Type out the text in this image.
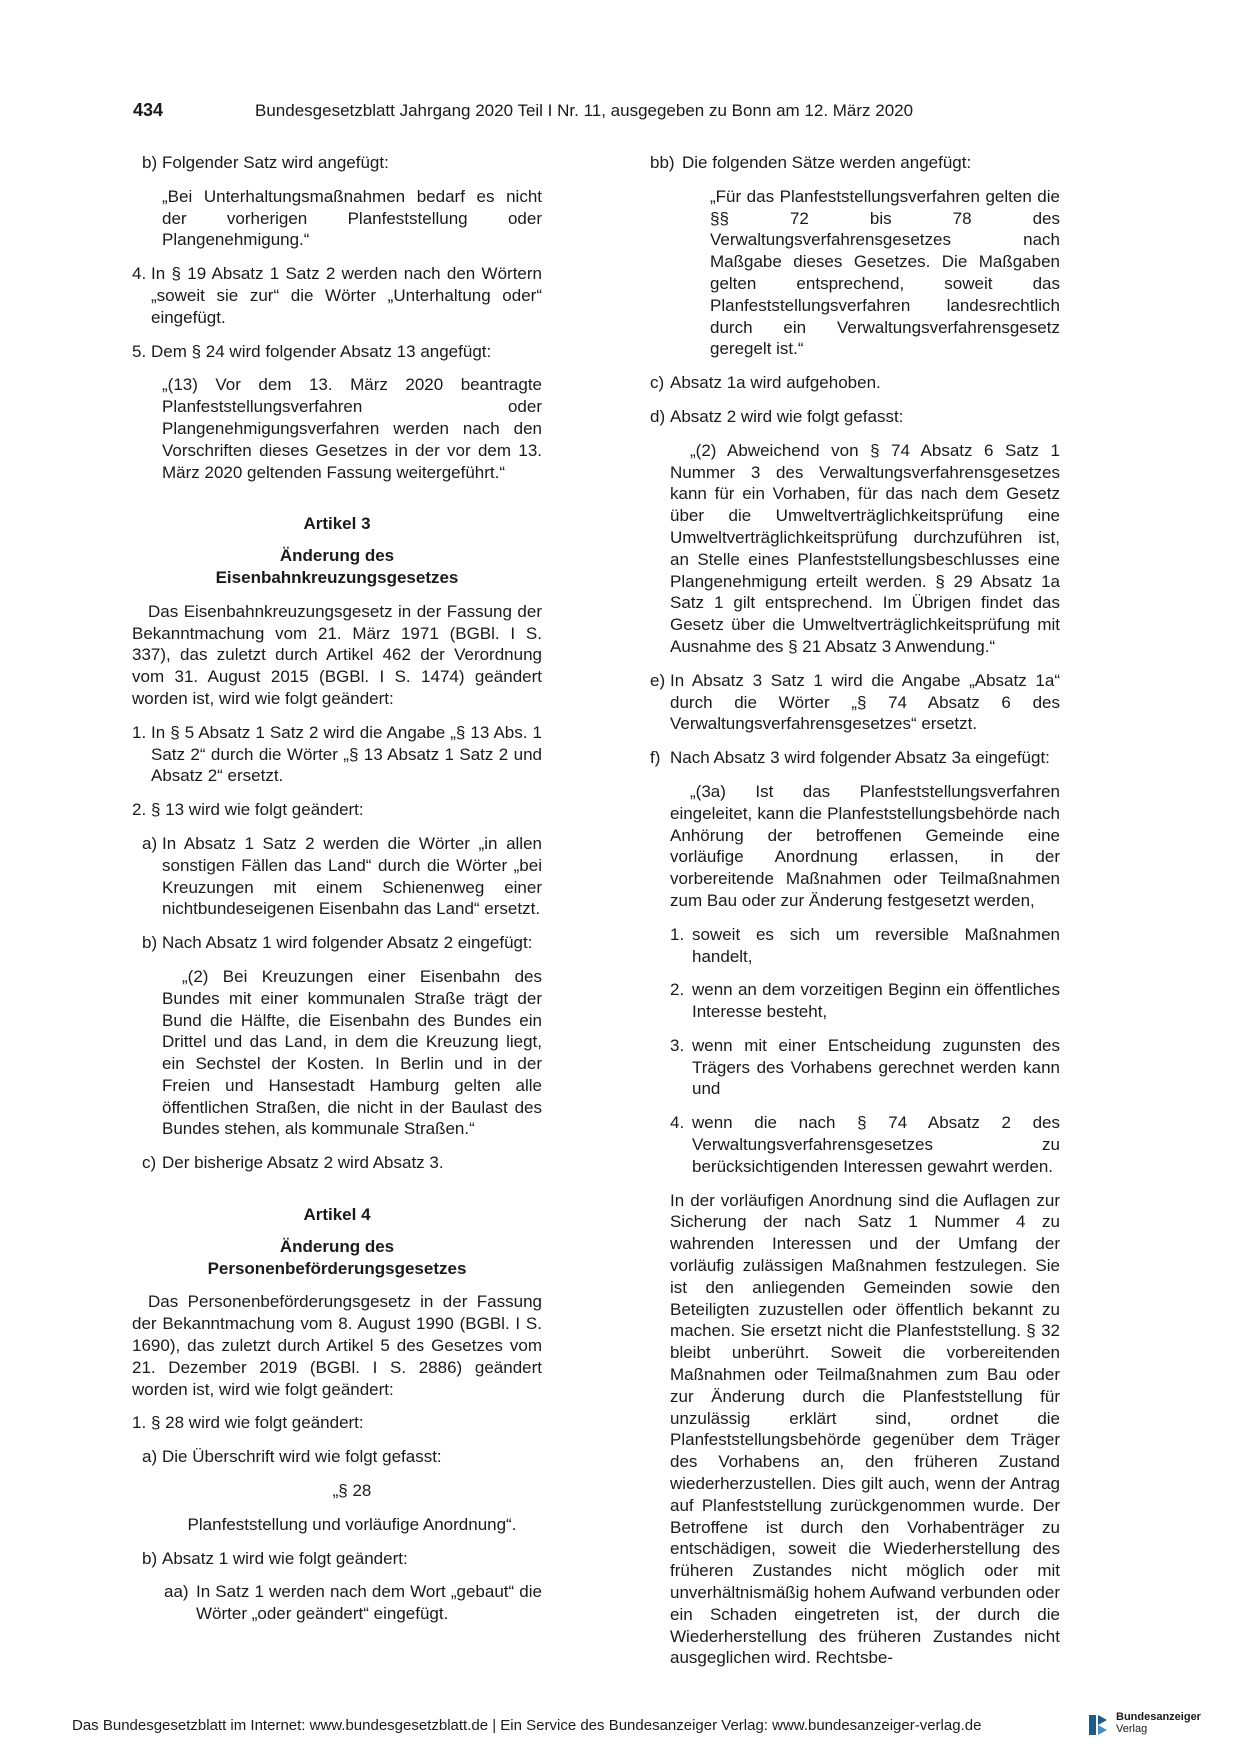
434	Bundesgesetzblatt Jahrgang 2020 Teil I Nr. 11, ausgegeben zu Bonn am 12. März 2020
b) Folgender Satz wird angefügt:
„Bei Unterhaltungsmaßnahmen bedarf es nicht der vorherigen Planfeststellung oder Plangenehmigung.“
4. In § 19 Absatz 1 Satz 2 werden nach den Wörtern „soweit sie zur“ die Wörter „Unterhaltung oder“ eingefügt.
5. Dem § 24 wird folgender Absatz 13 angefügt:
„(13) Vor dem 13. März 2020 beantragte Planfeststellungsverfahren oder Plangenehmigungsverfahren werden nach den Vorschriften dieses Gesetzes in der vor dem 13. März 2020 geltenden Fassung weitergeführt.“
Artikel 3
Änderung des
Eisenbahnkreuzungsgesetzes
Das Eisenbahnkreuzungsgesetz in der Fassung der Bekanntmachung vom 21. März 1971 (BGBl. I S. 337), das zuletzt durch Artikel 462 der Verordnung vom 31. August 2015 (BGBl. I S. 1474) geändert worden ist, wird wie folgt geändert:
1. In § 5 Absatz 1 Satz 2 wird die Angabe „§ 13 Abs. 1 Satz 2“ durch die Wörter „§ 13 Absatz 1 Satz 2 und Absatz 2“ ersetzt.
2. § 13 wird wie folgt geändert:
a) In Absatz 1 Satz 2 werden die Wörter „in allen sonstigen Fällen das Land“ durch die Wörter „bei Kreuzungen mit einem Schienenweg einer nichtbundeseigenen Eisenbahn das Land“ ersetzt.
b) Nach Absatz 1 wird folgender Absatz 2 eingefügt:
„(2) Bei Kreuzungen einer Eisenbahn des Bundes mit einer kommunalen Straße trägt der Bund die Hälfte, die Eisenbahn des Bundes ein Drittel und das Land, in dem die Kreuzung liegt, ein Sechstel der Kosten. In Berlin und in der Freien und Hansestadt Hamburg gelten alle öffentlichen Straßen, die nicht in der Baulast des Bundes stehen, als kommunale Straßen.“
c) Der bisherige Absatz 2 wird Absatz 3.
Artikel 4
Änderung des
Personenbeförderungsgesetzes
Das Personenbeförderungsgesetz in der Fassung der Bekanntmachung vom 8. August 1990 (BGBl. I S. 1690), das zuletzt durch Artikel 5 des Gesetzes vom 21. Dezember 2019 (BGBl. I S. 2886) geändert worden ist, wird wie folgt geändert:
1. § 28 wird wie folgt geändert:
a) Die Überschrift wird wie folgt gefasst:
„§ 28
Planfeststellung und vorläufige Anordnung“.
b) Absatz 1 wird wie folgt geändert:
aa) In Satz 1 werden nach dem Wort „gebaut“ die Wörter „oder geändert“ eingefügt.
bb) Die folgenden Sätze werden angefügt:
„Für das Planfeststellungsverfahren gelten die §§ 72 bis 78 des Verwaltungsverfahrensgesetzes nach Maßgabe dieses Gesetzes. Die Maßgaben gelten entsprechend, soweit das Planfeststellungsverfahren landesrechtlich durch ein Verwaltungsverfahrensgesetz geregelt ist.“
c) Absatz 1a wird aufgehoben.
d) Absatz 2 wird wie folgt gefasst:
„(2) Abweichend von § 74 Absatz 6 Satz 1 Nummer 3 des Verwaltungsverfahrensgesetzes kann für ein Vorhaben, für das nach dem Gesetz über die Umweltverträglichkeitsprüfung eine Umweltverträglichkeitsprüfung durchzuführen ist, an Stelle eines Planfeststellungsbeschlusses eine Plangenehmigung erteilt werden. § 29 Absatz 1a Satz 1 gilt entsprechend. Im Übrigen findet das Gesetz über die Umweltverträglichkeitsprüfung mit Ausnahme des § 21 Absatz 3 Anwendung.“
e) In Absatz 3 Satz 1 wird die Angabe „Absatz 1a“ durch die Wörter „§ 74 Absatz 6 des Verwaltungsverfahrensgesetzes“ ersetzt.
f) Nach Absatz 3 wird folgender Absatz 3a eingefügt:
„(3a) Ist das Planfeststellungsverfahren eingeleitet, kann die Planfeststellungsbehörde nach Anhörung der betroffenen Gemeinde eine vorläufige Anordnung erlassen, in der vorbereitende Maßnahmen oder Teilmaßnahmen zum Bau oder zur Änderung festgesetzt werden,
1. soweit es sich um reversible Maßnahmen handelt,
2. wenn an dem vorzeitigen Beginn ein öffentliches Interesse besteht,
3. wenn mit einer Entscheidung zugunsten des Trägers des Vorhabens gerechnet werden kann und
4. wenn die nach § 74 Absatz 2 des Verwaltungsverfahrensgesetzes zu berücksichtigenden Interessen gewahrt werden.
In der vorläufigen Anordnung sind die Auflagen zur Sicherung der nach Satz 1 Nummer 4 zu wahrenden Interessen und der Umfang der vorläufig zulässigen Maßnahmen festzulegen. Sie ist den anliegenden Gemeinden sowie den Beteiligten zuzustellen oder öffentlich bekannt zu machen. Sie ersetzt nicht die Planfeststellung. § 32 bleibt unberührt. Soweit die vorbereitenden Maßnahmen oder Teilmaßnahmen zum Bau oder zur Änderung durch die Planfeststellung für unzulässig erklärt sind, ordnet die Planfeststellungsbehörde gegenüber dem Träger des Vorhabens an, den früheren Zustand wiederherzustellen. Dies gilt auch, wenn der Antrag auf Planfeststellung zurückgenommen wurde. Der Betroffene ist durch den Vorhabenträger zu entschädigen, soweit die Wiederherstellung des früheren Zustandes nicht möglich oder mit unverhältnismäßig hohem Aufwand verbunden oder ein Schaden eingetreten ist, der durch die Wiederherstellung des früheren Zustandes nicht ausgeglichen wird. Rechtsbe-
Das Bundesgesetzblatt im Internet: www.bundesgesetzblatt.de | Ein Service des Bundesanzeiger Verlag: www.bundesanzeiger-verlag.de	Bundesanzeiger
Verlag
